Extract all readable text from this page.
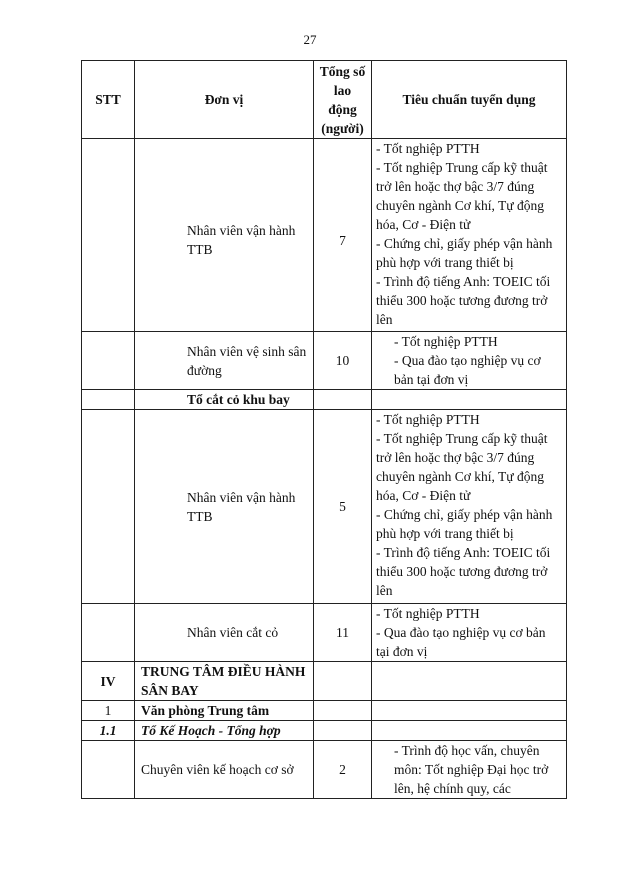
27
STT	Đơn vị	Tổng số lao động (người)	Tiêu chuẩn tuyển dụng
	Nhân viên vận hành TTB	7	- Tốt nghiệp PTTH
- Tốt nghiệp Trung cấp kỹ thuật trở lên hoặc thợ bậc 3/7 đúng chuyên ngành Cơ khí, Tự động hóa, Cơ - Điện tử
- Chứng chỉ, giấy phép vận hành phù hợp với trang thiết bị
- Trình độ tiếng Anh: TOEIC tối thiểu 300 hoặc tương đương trở lên

	Nhân viên vệ sinh sân đường	10	- Tốt nghiệp PTTH
- Qua đào tạo nghiệp vụ cơ bản tại đơn vị

	Tổ cắt cỏ khu bay		
	Nhân viên vận hành TTB	5	- Tốt nghiệp PTTH
- Tốt nghiệp Trung cấp kỹ thuật trở lên hoặc thợ bậc 3/7 đúng chuyên ngành Cơ khí, Tự động hóa, Cơ - Điện tử
- Chứng chỉ, giấy phép vận hành phù hợp với trang thiết bị
- Trình độ tiếng Anh: TOEIC tối thiểu 300 hoặc tương đương trở lên

	Nhân viên cắt cỏ	11	- Tốt nghiệp PTTH
- Qua đào tạo nghiệp vụ cơ bản tại đơn vị

IV	TRUNG TÂM ĐIỀU HÀNH SÂN BAY		
1	Văn phòng Trung tâm		
1.1	Tổ Kế Hoạch - Tổng hợp		
	Chuyên viên kế hoạch cơ sở	2	- Trình độ học vấn, chuyên môn: Tốt nghiệp Đại học trở lên, hệ chính quy, các
